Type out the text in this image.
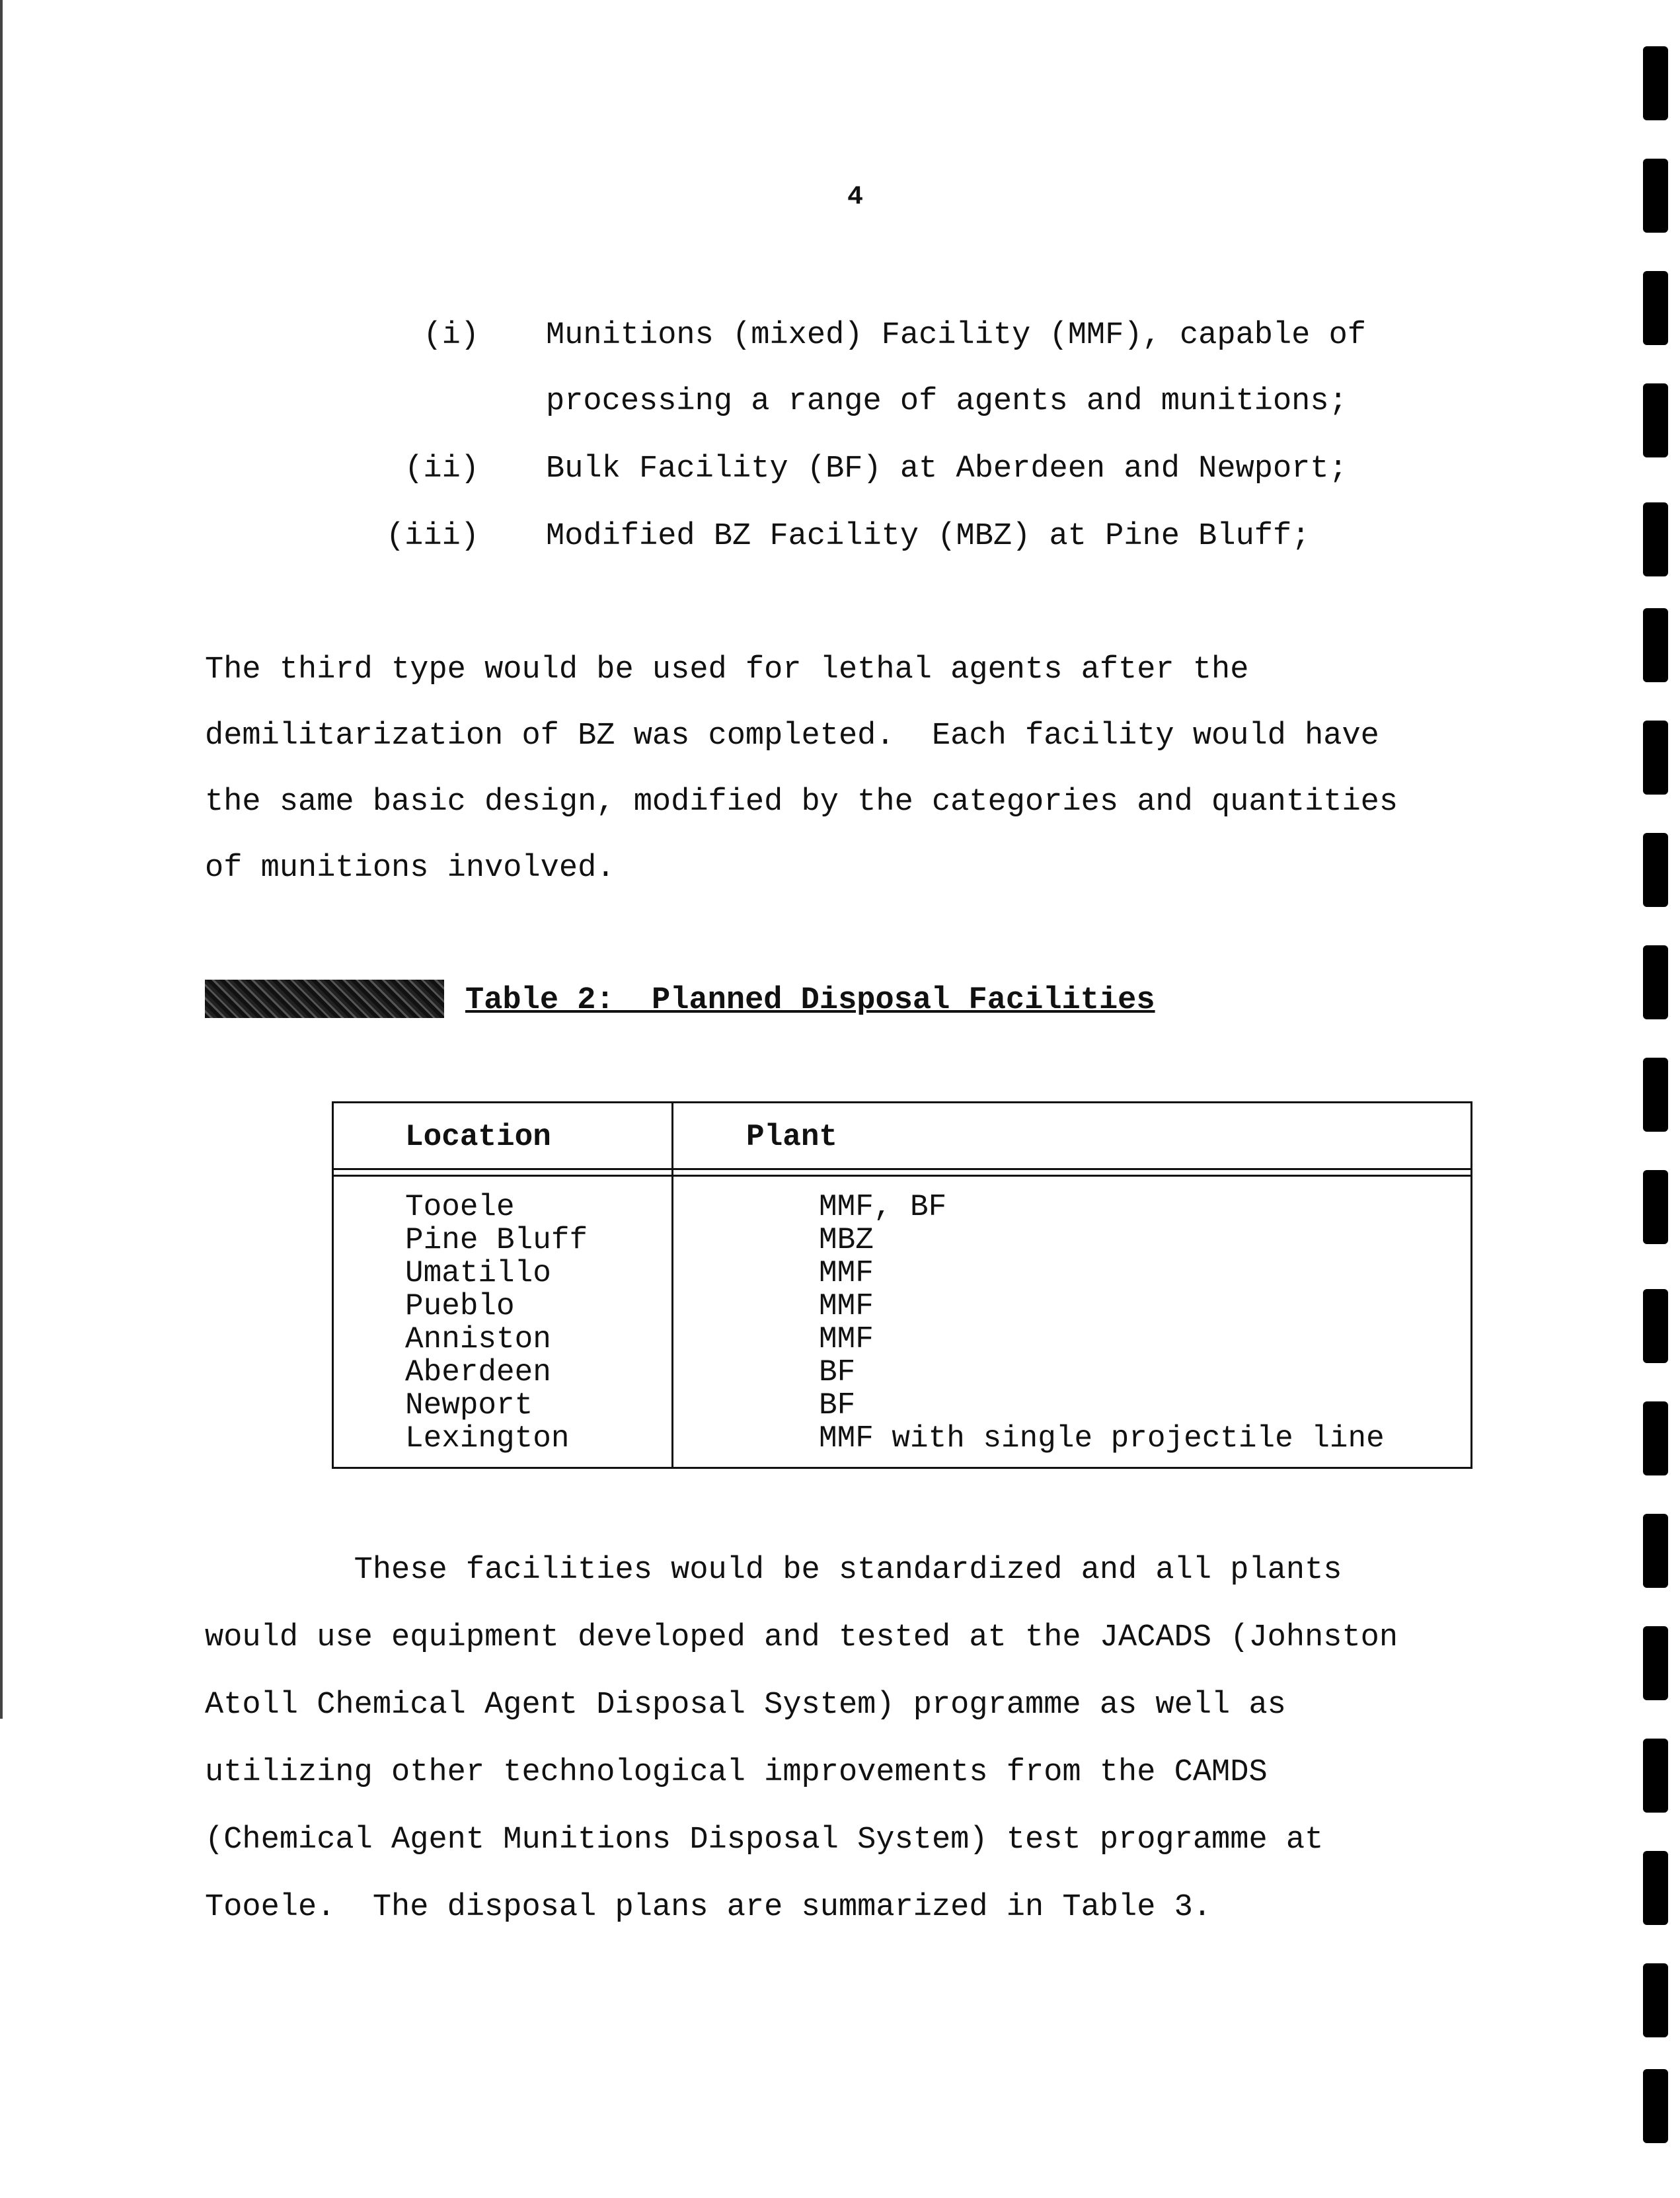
4
(i) Munitions (mixed) Facility (MMF), capable of
processing a range of agents and munitions;
(ii) Bulk Facility (BF) at Aberdeen and Newport;
(iii) Modified BZ Facility (MBZ) at Pine Bluff;
The third type would be used for lethal agents after the
demilitarization of BZ was completed.  Each facility would have
the same basic design, modified by the categories and quantities
of munitions involved.
Table 2:  Planned Disposal Facilities
Location	Plant
Tooele	MMF, BF
Pine Bluff	MBZ
Umatillo	MMF
Pueblo	MMF
Anniston	MMF
Aberdeen	BF
Newport	BF
Lexington	MMF with single projectile line
These facilities would be standardized and all plants
would use equipment developed and tested at the JACADS (Johnston
Atoll Chemical Agent Disposal System) programme as well as
utilizing other technological improvements from the CAMDS
(Chemical Agent Munitions Disposal System) test programme at
Tooele.  The disposal plans are summarized in Table 3.
